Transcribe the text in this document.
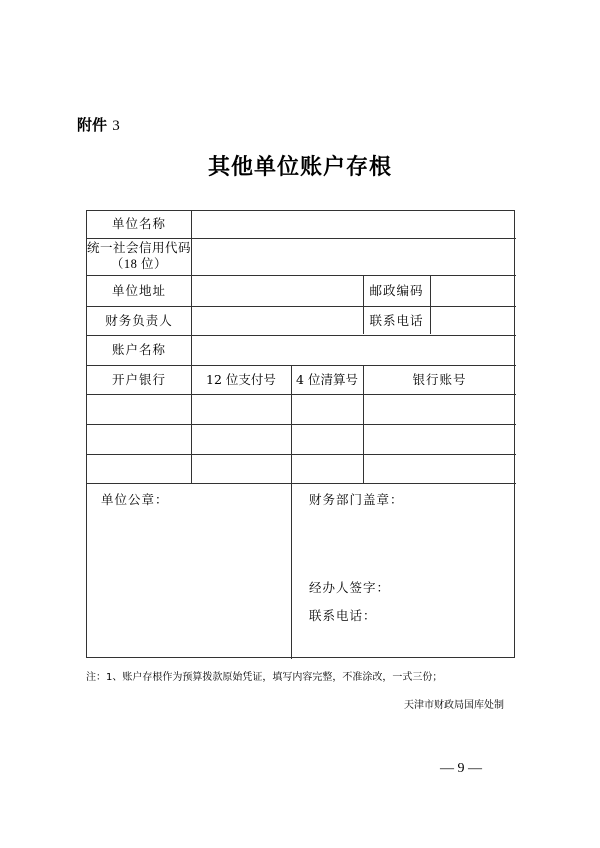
附件 3
其他单位账户存根
单位名称
统一社会信用代码
（18 位）
单位地址	邮政编码
财务负责人	联系电话
账户名称
开户银行	12 位支付号	4 位清算号	银行账号
单位公章：	财务部门盖章：
经办人签字：
联系电话：
注：1、账户存根作为预算拨款原始凭证，填写内容完整，不准涂改，一式三份；
天津市财政局国库处制
— 9 —
